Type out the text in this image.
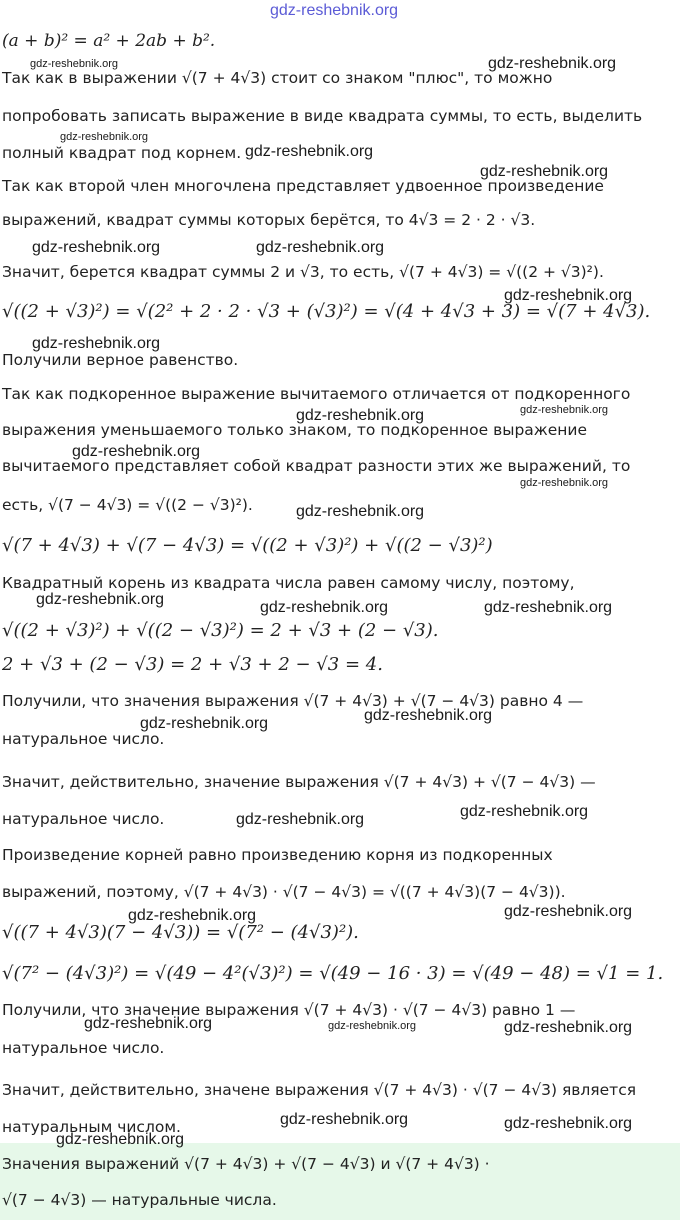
(a + b)² = a² + 2ab + b².
Так как в выражении √(7 + 4√3) стоит со знаком "плюс", то можно
попробовать записать выражение в виде квадрата суммы, то есть, выделить
полный квадрат под корнем.
Так как второй член многочлена представляет удвоенное произведение
выражений, квадрат суммы которых берётся, то 4√3 = 2 · 2 · √3.
Значит, берется квадрат суммы 2 и √3, то есть, √(7 + 4√3) = √((2 + √3)²).
√((2 + √3)²) = √(2² + 2 · 2 · √3 + (√3)²) = √(4 + 4√3 + 3) = √(7 + 4√3).
Получили верное равенство.
Так как подкоренное выражение вычитаемого отличается от подкоренного
выражения уменьшаемого только знаком, то подкоренное выражение
вычитаемого представляет собой квадрат разности этих же выражений, то
есть, √(7 − 4√3) = √((2 − √3)²).
√(7 + 4√3) + √(7 − 4√3) = √((2 + √3)²) + √((2 − √3)²)
Квадратный корень из квадрата числа равен самому числу, поэтому,
√((2 + √3)²) + √((2 − √3)²) = 2 + √3 + (2 − √3).
2 + √3 + (2 − √3) = 2 + √3 + 2 − √3 = 4.
Получили, что значения выражения √(7 + 4√3) + √(7 − 4√3) равно 4 —
натуральное число.
Значит, действительно, значение выражения √(7 + 4√3) + √(7 − 4√3) —
натуральное число.
Произведение корней равно произведению корня из подкоренных
выражений, поэтому, √(7 + 4√3) · √(7 − 4√3) = √((7 + 4√3)(7 − 4√3)).
√((7 + 4√3)(7 − 4√3)) = √(7² − (4√3)²).
√(7² − (4√3)²) = √(49 − 4²(√3)²) = √(49 − 16 · 3) = √(49 − 48) = √1 = 1.
Получили, что значение выражения √(7 + 4√3) · √(7 − 4√3) равно 1 —
натуральное число.
Значит, действительно, значене выражения √(7 + 4√3) · √(7 − 4√3) является
натуральным числом.
Значения выражений √(7 + 4√3) + √(7 − 4√3) и √(7 + 4√3) ·
√(7 − 4√3) — натуральные числа.
gdz-reshebnik.org
gdz-reshebnik.org	gdz-reshebnik.org
gdz-reshebnik.org
gdz-reshebnik.org
gdz-reshebnik.org
gdz-reshebnik.org	gdz-reshebnik.org
gdz-reshebnik.org
gdz-reshebnik.org
gdz-reshebnik.org	gdz-reshebnik.org
gdz-reshebnik.org
gdz-reshebnik.org
gdz-reshebnik.org
gdz-reshebnik.org	gdz-reshebnik.org	gdz-reshebnik.org
gdz-reshebnik.org	gdz-reshebnik.org
gdz-reshebnik.org
gdz-reshebnik.org
gdz-reshebnik.org	gdz-reshebnik.org
gdz-reshebnik.org	gdz-reshebnik.org	gdz-reshebnik.org
gdz-reshebnik.org	gdz-reshebnik.org
gdz-reshebnik.org
